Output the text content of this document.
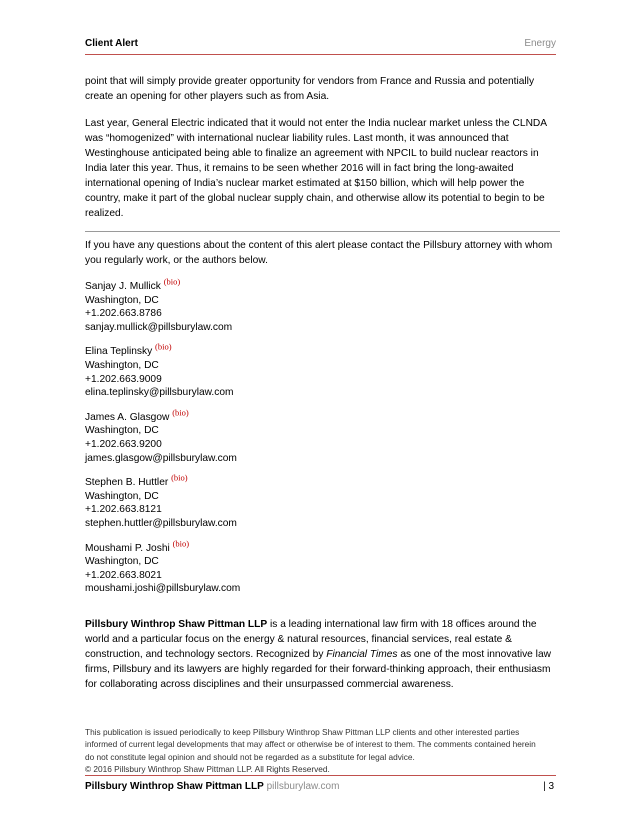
Client Alert	Energy

point that will simply provide greater opportunity for vendors from France and Russia and potentially create an opening for other players such as from Asia.

Last year, General Electric indicated that it would not enter the India nuclear market unless the CLNDA was “homogenized” with international nuclear liability rules. Last month, it was announced that Westinghouse anticipated being able to finalize an agreement with NPCIL to build nuclear reactors in India later this year. Thus, it remains to be seen whether 2016 will in fact bring the long-awaited international opening of India’s nuclear market estimated at $150 billion, which will help power the country, make it part of the global nuclear supply chain, and otherwise allow its potential to begin to be realized.

If you have any questions about the content of this alert please contact the Pillsbury attorney with whom you regularly work, or the authors below.

Sanjay J. Mullick $^{(bio)}$
Washington, DC
+1.202.663.8786
sanjay.mullick@pillsburylaw.com
Elina Teplinsky $^{(bio)}$
Washington, DC
+1.202.663.9009
elina.teplinsky@pillsburylaw.com
James A. Glasgow $^{(bio)}$
Washington, DC
+1.202.663.9200
james.glasgow@pillsburylaw.com
Stephen B. Huttler $^{(bio)}$
Washington, DC
+1.202.663.8121
stephen.huttler@pillsburylaw.com
Moushami P. Joshi $^{(bio)}$
Washington, DC
+1.202.663.8021
moushami.joshi@pillsburylaw.com

Pillsbury Winthrop Shaw Pittman LLP is a leading international law firm with 18 offices around the world and a particular focus on the energy & natural resources, financial services, real estate & construction, and technology sectors. Recognized by Financial Times as one of the most innovative law firms, Pillsbury and its lawyers are highly regarded for their forward-thinking approach, their enthusiasm for collaborating across disciplines and their unsurpassed commercial awareness.

This publication is issued periodically to keep Pillsbury Winthrop Shaw Pittman LLP clients and other interested parties
informed of current legal developments that may affect or otherwise be of interest to them. The comments contained herein
do not constitute legal opinion and should not be regarded as a substitute for legal advice.
© 2016 Pillsbury Winthrop Shaw Pittman LLP. All Rights Reserved.
Pillsbury Winthrop Shaw Pittman LLP pillsburylaw.com	| 3
